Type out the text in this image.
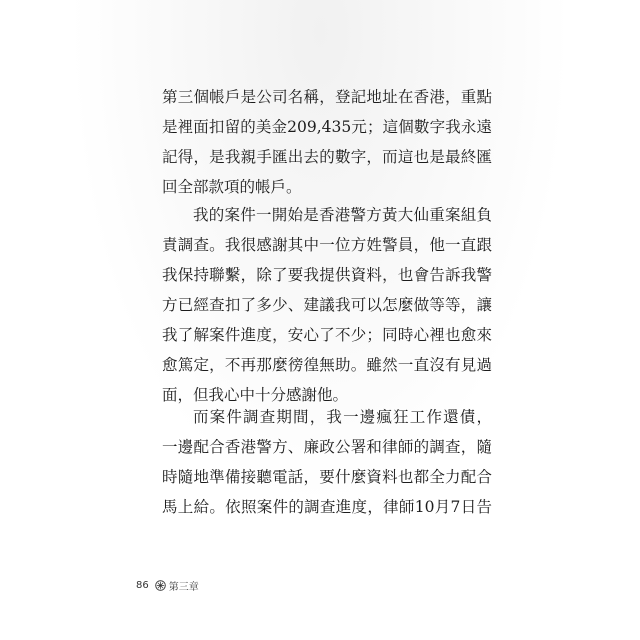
第三個帳戶是公司名稱，登記地址在香港，重點
是裡面扣留的美金209,435元；這個數字我永遠
記得，是我親手匯出去的數字，而這也是最終匯
回全部款項的帳戶。
我的案件一開始是香港警方黃大仙重案組負
責調查。我很感謝其中一位方姓警員，他一直跟
我保持聯繫，除了要我提供資料，也會告訴我警
方已經查扣了多少、建議我可以怎麼做等等，讓
我了解案件進度，安心了不少；同時心裡也愈來
愈篤定，不再那麼徬徨無助。雖然一直沒有見過
面，但我心中十分感謝他。
而案件調查期間，我一邊瘋狂工作還債，
一邊配合香港警方、廉政公署和律師的調查，隨
時隨地準備接聽電話，要什麼資料也都全力配合
馬上給。依照案件的調查進度，律師10月7日告
86 第三章
